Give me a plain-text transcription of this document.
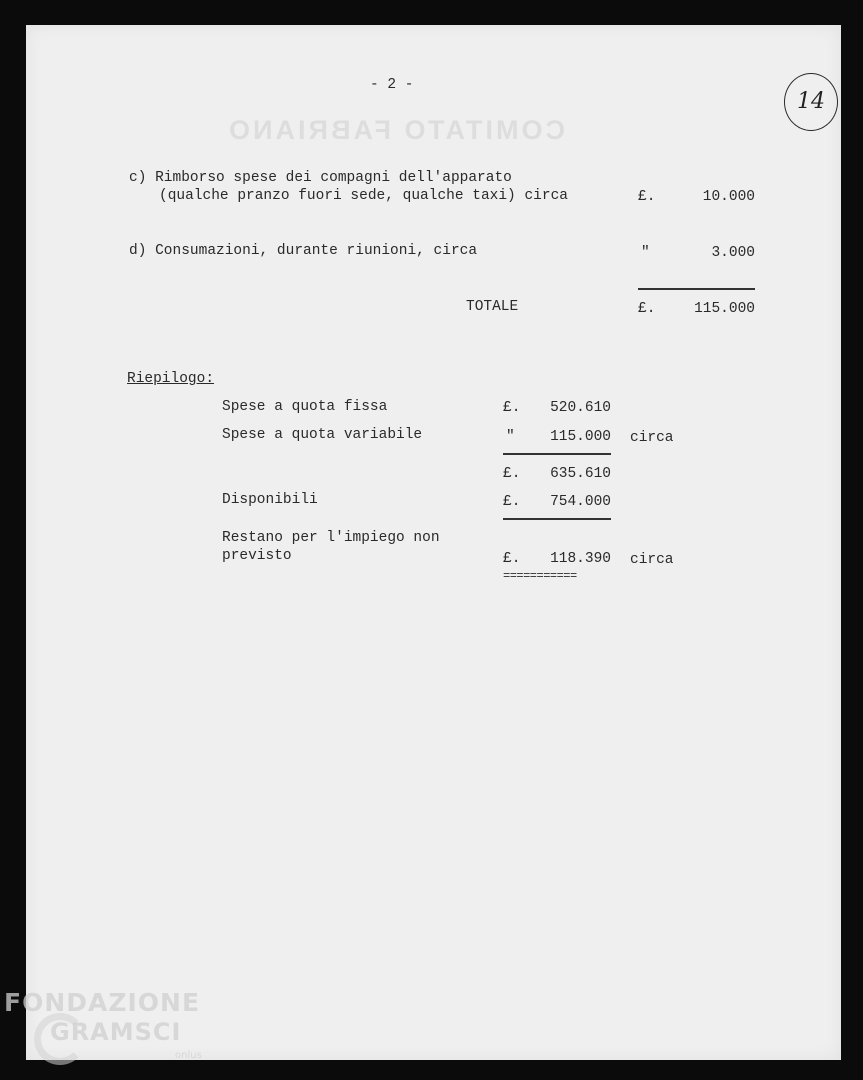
COMITATO FABRIANO
- 2 -
14
c) Rimborso spese dei compagni dell'apparato
(qualche pranzo fuori sede, qualche taxi) circa	£.	10.000
d) Consumazioni, durante riunioni, circa	"	3.000
TOTALE	£.	115.000
Riepilogo:
Spese a quota fissa	£.	520.610
Spese a quota variabile	"	115.000 circa
£.	635.610
Disponibili	£.	754.000
Restano per l'impiego non
previsto	£.	118.390 circa
===========
FONDAZIONE
GRAMSCI
onlus
